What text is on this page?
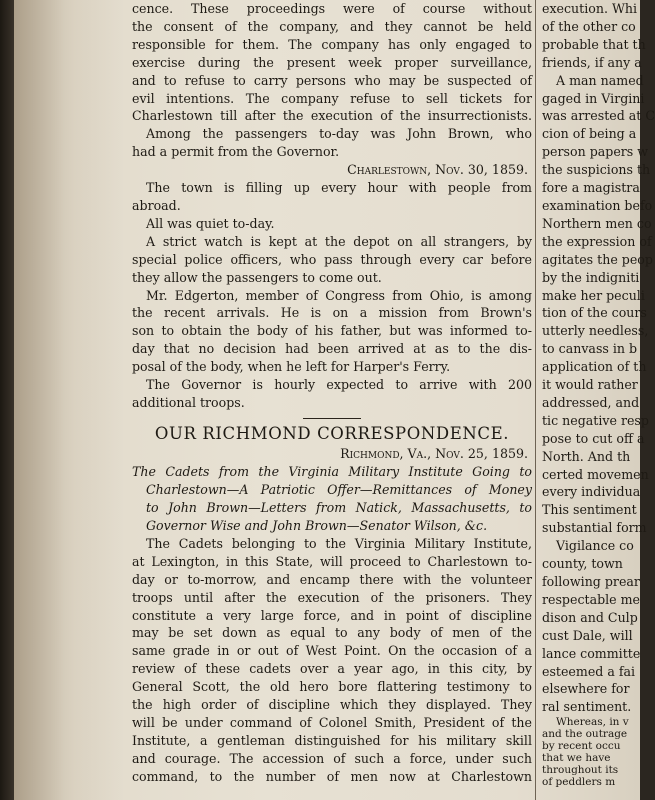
cence. These proceedings were of course without
the consent of the company, and they cannot be held
responsible for them. The company has only engaged to
exercise during the present week proper surveillance,
and to refuse to carry persons who may be suspected of
evil intentions. The company refuse to sell tickets for
Charlestown till after the execution of the insurrectionists.
Among the passengers to-day was John Brown, who
had a permit from the Governor.
Charlestown, Nov. 30, 1859.
The town is filling up every hour with people from
abroad.
All was quiet to-day.
A strict watch is kept at the depot on all strangers, by
special police officers, who pass through every car before
they allow the passengers to come out.
Mr. Edgerton, member of Congress from Ohio, is among
the recent arrivals. He is on a mission from Brown's
son to obtain the body of his father, but was informed to-
day that no decision had been arrived at as to the dis-
posal of the body, when he left for Harper's Ferry.
The Governor is hourly expected to arrive with 200
additional troops.
OUR RICHMOND CORRESPONDENCE.
Richmond, Va., Nov. 25, 1859.
The Cadets from the Virginia Military Institute Going to
Charlestown—A Patriotic Offer—Remittances of Money
to John Brown—Letters from Natick, Massachusetts, to
Governor Wise and John Brown—Senator Wilson, &c.
The Cadets belonging to the Virginia Military Institute,
at Lexington, in this State, will proceed to Charlestown to-
day or to-morrow, and encamp there with the volunteer
troops until after the execution of the prisoners. They
constitute a very large force, and in point of discipline
may be set down as equal to any body of men of the
same grade in or out of West Point. On the occasion of a
review of these cadets over a year ago, in this city, by
General Scott, the old hero bore flattering testimony to
the high order of discipline which they displayed. They
will be under command of Colonel Smith, President of the
Institute, a gentleman distinguished for his military skill
and courage. The accession of such a force, under such
command, to the number of men now at Charlestown
execution. Whi
of the other co
probable that th
friends, if any a
A man named
gaged in Virgini
was arrested at C
cion of being a
person papers w
the suspicions th
fore a magistra
examination befo
Northern men co
the expression of
agitates the peop
by the indigniti
make her peculi
tion of the cours
utterly needless,
to canvass in b
application of th
it would rather
addressed, and
tic negative resp
pose to cut off a
North. And th
certed movemen
every individua
This sentiment
substantial form
Vigilance co
county, town
following prear
respectable me
dison and Culp
cust Dale, will
lance committe
esteemed a fai
elsewhere for
ral sentiment.
Whereas, in v
and the outrage
by recent occu
that we have
throughout its
of peddlers m
